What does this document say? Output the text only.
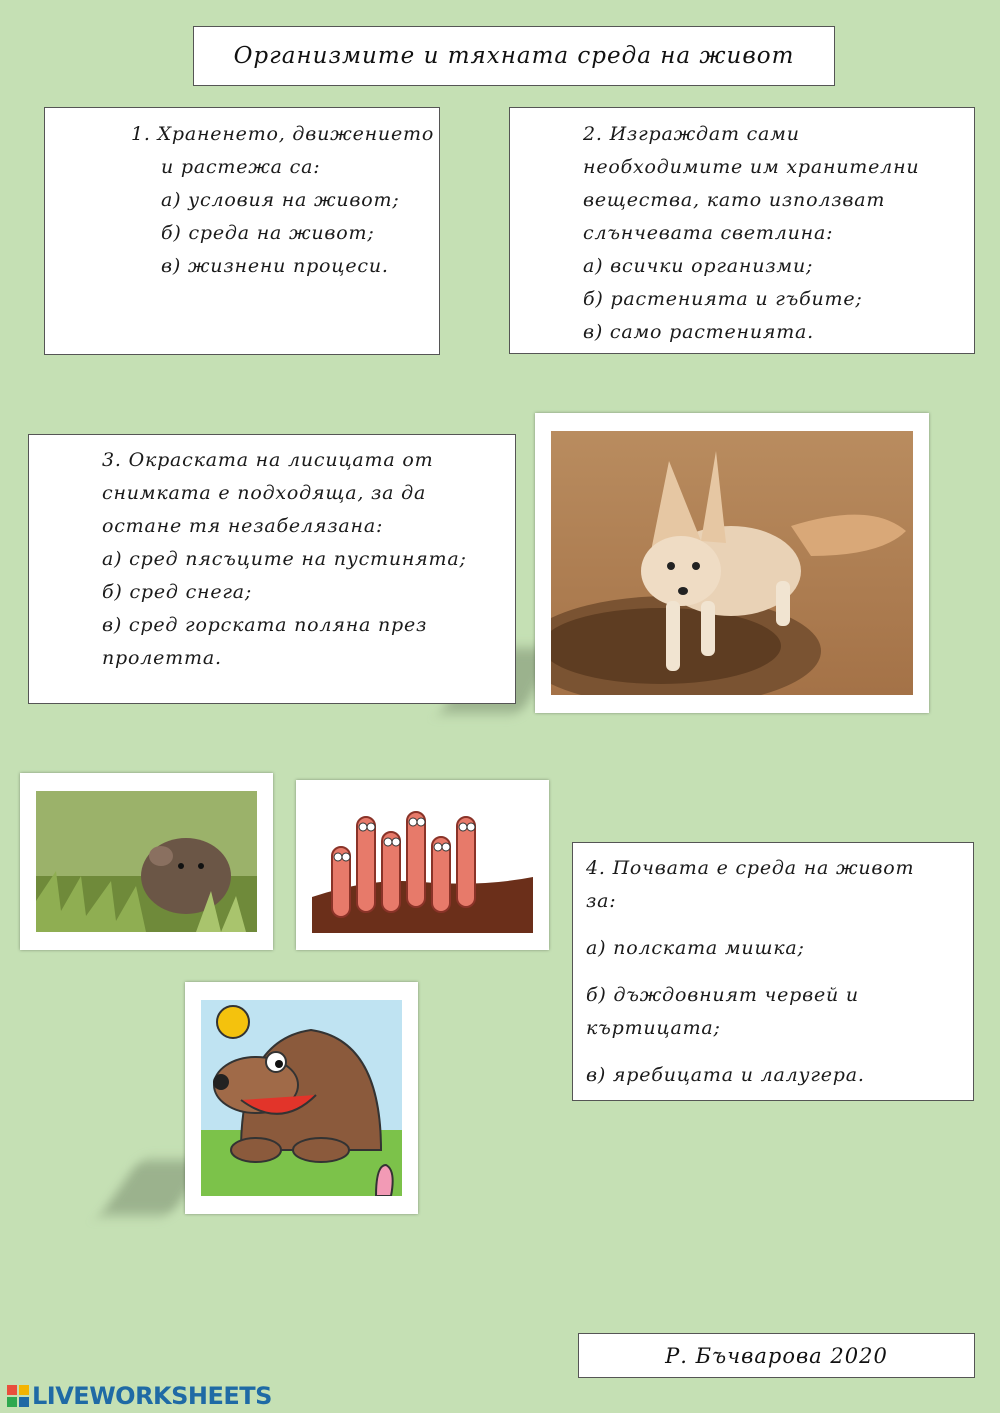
Организмите и тяхната среда на живот
1. Храненето, движението
и растежа са:
а) условия на живот;
б) среда на живот;
в) жизнени процеси.
2. Изграждат сами
необходимите им хранителни
вещества, като използват
слънчевата светлина:
а) всички организми;
б) растенията и гъбите;
в) само растенията.
3. Окраската на лисицата от
снимката е подходяща, за да
остане тя незабелязана:
а) сред пясъците на пустинята;
б) сред снега;
в) сред горската поляна през
пролетта.
4. Почвата е среда на живот
за:
а) полската мишка;
б) дъждовният червей и
къртицата;
в) яребицата и лалугера.
Р. Бъчварова 2020
LIVEWORKSHEETS
